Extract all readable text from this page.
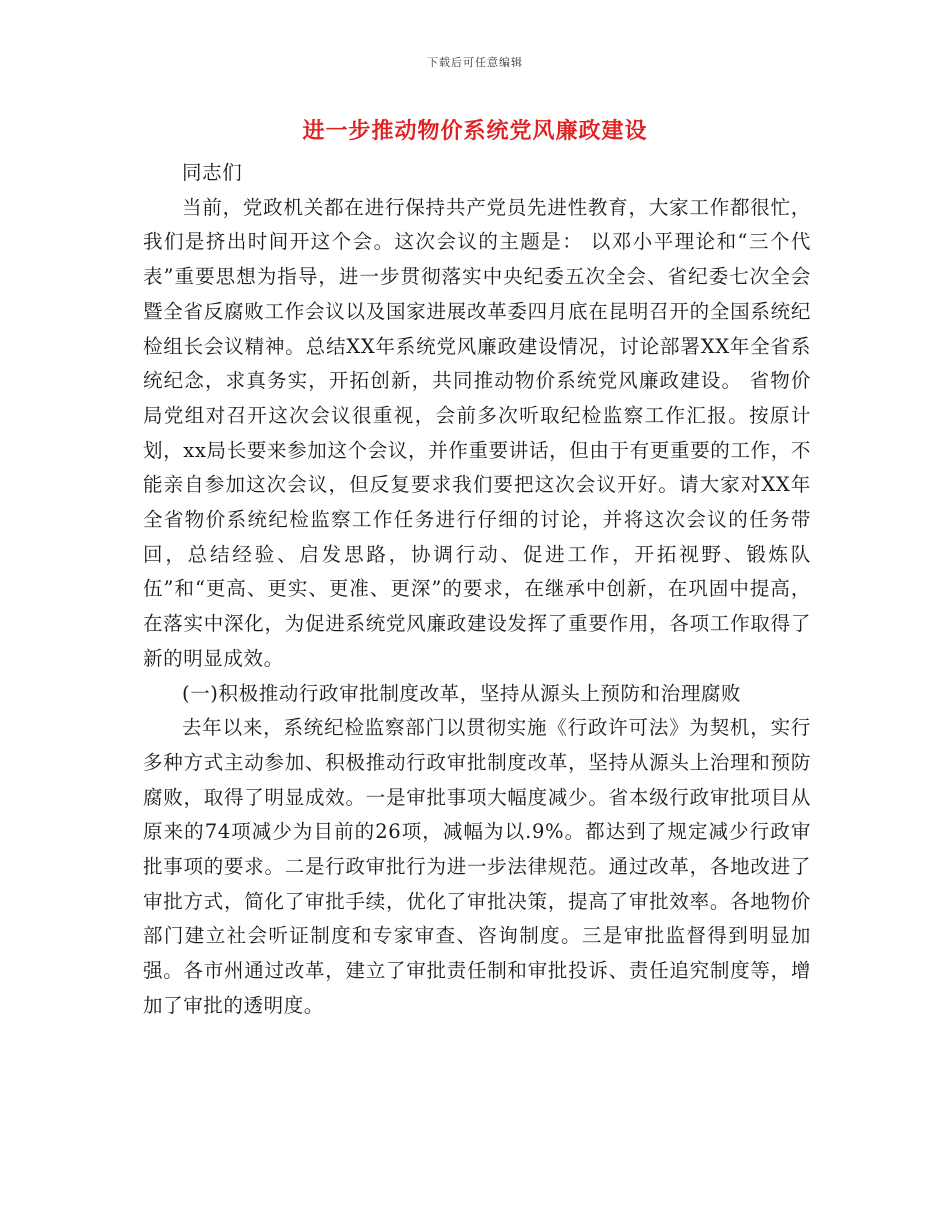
下载后可任意编辑
进一步推动物价系统党风廉政建设

同志们

当前，党政机关都在进行保持共产党员先进性教育，大家工作都很忙，我们是挤出时间开这个会。这次会议的主题是： 以邓小平理论和“三个代表”重要思想为指导，进一步贯彻落实中央纪委五次全会、省纪委七次全会暨全省反腐败工作会议以及国家进展改革委四月底在昆明召开的全国系统纪检组长会议精神。总结XX年系统党风廉政建设情况，讨论部署XX年全省系统纪念，求真务实，开拓创新，共同推动物价系统党风廉政建设。 省物价局党组对召开这次会议很重视，会前多次听取纪检监察工作汇报。按原计划，xx局长要来参加这个会议，并作重要讲话，但由于有更重要的工作，不能亲自参加这次会议，但反复要求我们要把这次会议开好。请大家对XX年全省物价系统纪检监察工作任务进行仔细的讨论，并将这次会议的任务带回，总结经验、启发思路，协调行动、促进工作，开拓视野、锻炼队伍”和“更高、更实、更准、更深”的要求，在继承中创新，在巩固中提高，在落实中深化，为促进系统党风廉政建设发挥了重要作用，各项工作取得了新的明显成效。

(一)积极推动行政审批制度改革，坚持从源头上预防和治理腐败

去年以来，系统纪检监察部门以贯彻实施《行政许可法》为契机，实行多种方式主动参加、积极推动行政审批制度改革，坚持从源头上治理和预防腐败，取得了明显成效。一是审批事项大幅度减少。省本级行政审批项目从原来的74项减少为目前的26项，减幅为以.9%。都达到了规定减少行政审批事项的要求。二是行政审批行为进一步法律规范。通过改革，各地改进了审批方式，简化了审批手续，优化了审批决策，提高了审批效率。各地物价部门建立社会听证制度和专家审查、咨询制度。三是审批监督得到明显加强。各市州通过改革，建立了审批责任制和审批投诉、责任追究制度等，增加了审批的透明度。
